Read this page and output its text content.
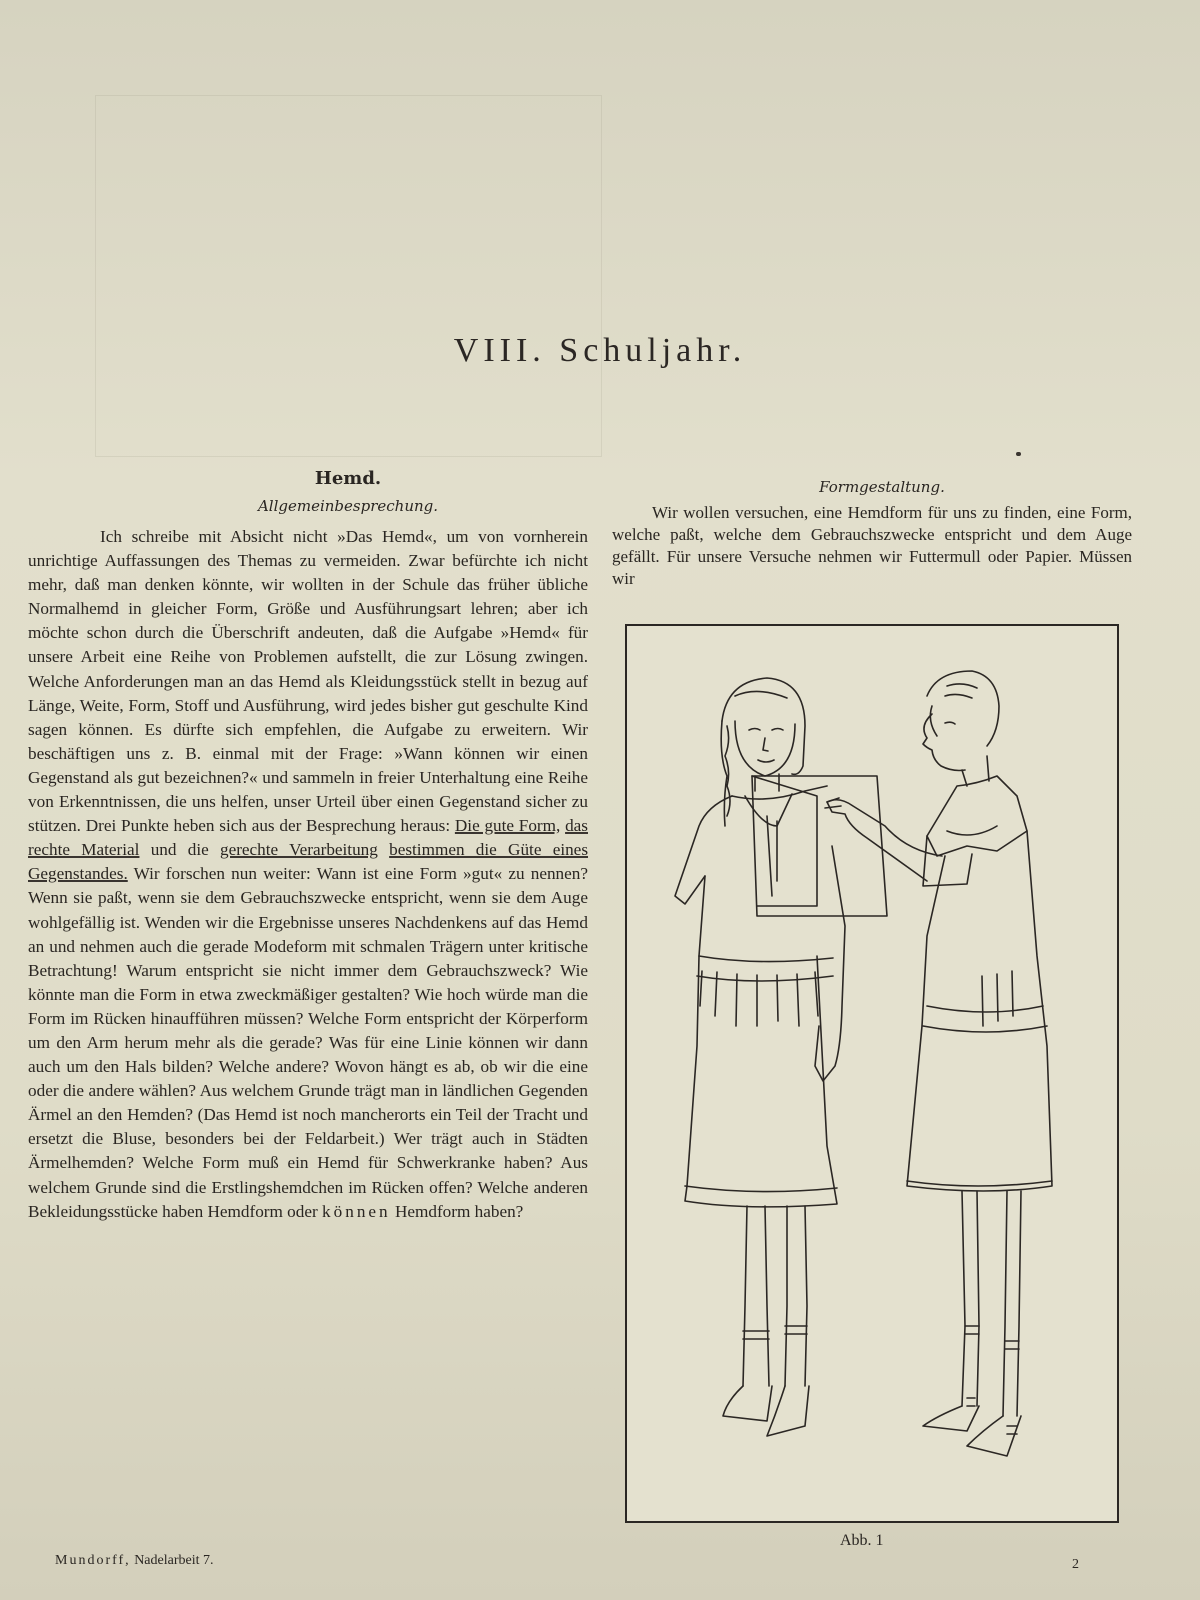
VIII. Schuljahr.
Hemd.
Allgemeinbesprechung.

Ich schreibe mit Absicht nicht »Das Hemd«, um von vornherein unrichtige Auffassungen des Themas zu vermeiden. Zwar befürchte ich nicht mehr, daß man denken könnte, wir wollten in der Schule das früher übliche Normalhemd in gleicher Form, Größe und Ausführungsart lehren; aber ich möchte schon durch die Überschrift andeuten, daß die Aufgabe »Hemd« für unsere Arbeit eine Reihe von Problemen aufstellt, die zur Lösung zwingen. Welche Anforderungen man an das Hemd als Kleidungsstück stellt in bezug auf Länge, Weite, Form, Stoff und Ausführung, wird jedes bisher gut geschulte Kind sagen können. Es dürfte sich empfehlen, die Aufgabe zu erweitern. Wir beschäftigen uns z. B. einmal mit der Frage: »Wann können wir einen Gegenstand als gut bezeichnen?« und sammeln in freier Unterhaltung eine Reihe von Erkenntnissen, die uns helfen, unser Urteil über einen Gegenstand sicher zu stützen. Drei Punkte heben sich aus der Besprechung heraus: Die gute Form, das rechte Material und die gerechte Verarbeitung bestimmen die Güte eines Gegenstandes. Wir forschen nun weiter: Wann ist eine Form »gut« zu nennen? Wenn sie paßt, wenn sie dem Gebrauchszwecke entspricht, wenn sie dem Auge wohlgefällig ist. Wenden wir die Ergebnisse unseres Nachdenkens auf das Hemd an und nehmen auch die gerade Modeform mit schmalen Trägern unter kritische Betrachtung! Warum entspricht sie nicht immer dem Gebrauchszweck? Wie könnte man die Form in etwa zweckmäßiger gestalten? Wie hoch würde man die Form im Rücken hinaufführen müssen? Welche Form entspricht der Körperform um den Arm herum mehr als die gerade? Was für eine Linie können wir dann auch um den Hals bilden? Welche andere? Wovon hängt es ab, ob wir die eine oder die andere wählen? Aus welchem Grunde trägt man in ländlichen Gegenden Ärmel an den Hemden? (Das Hemd ist noch mancherorts ein Teil der Tracht und ersetzt die Bluse, besonders bei der Feldarbeit.) Wer trägt auch in Städten Ärmelhemden? Welche Form muß ein Hemd für Schwerkranke haben? Aus welchem Grunde sind die Erstlingshemdchen im Rücken offen? Welche anderen Bekleidungsstücke haben Hemdform oder können Hemdform haben?

Formgestaltung.

Wir wollen versuchen, eine Hemdform für uns zu finden, eine Form, welche paßt, welche dem Gebrauchszwecke entspricht und dem Auge gefällt. Für unsere Versuche nehmen wir Futtermull oder Papier. Müssen wir

Abb. 1
Mundorff, Nadelarbeit 7.	2
